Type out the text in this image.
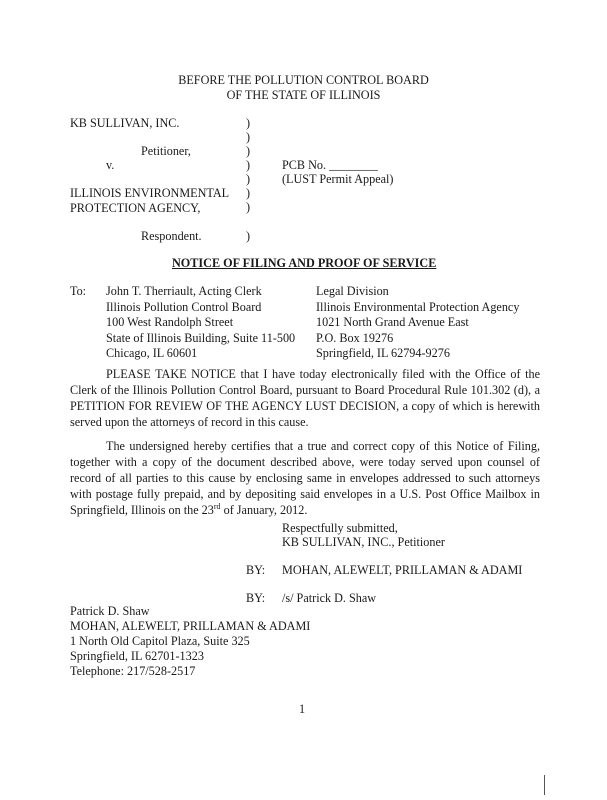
BEFORE THE POLLUTION CONTROL BOARD
OF THE STATE OF ILLINOIS
KB SULLIVAN, INC.
Petitioner,
v.
ILLINOIS ENVIRONMENTAL
PROTECTION AGENCY,
Respondent.
)
)
)
)
)
)
)
)
PCB No. ________
(LUST Permit Appeal)
NOTICE OF FILING AND PROOF OF SERVICE
To: John T. Therriault, Acting Clerk
Illinois Pollution Control Board
100 West Randolph Street
State of Illinois Building, Suite 11-500
Chicago, IL 60601
Legal Division
Illinois Environmental Protection Agency
1021 North Grand Avenue East
P.O. Box 19276
Springfield, IL 62794-9276
PLEASE TAKE NOTICE that I have today electronically filed with the Office of the Clerk of the Illinois Pollution Control Board, pursuant to Board Procedural Rule 101.302 (d), a PETITION FOR REVIEW OF THE AGENCY LUST DECISION, a copy of which is herewith served upon the attorneys of record in this cause.
The undersigned hereby certifies that a true and correct copy of this Notice of Filing, together with a copy of the document described above, were today served upon counsel of record of all parties to this cause by enclosing same in envelopes addressed to such attorneys with postage fully prepaid, and by depositing said envelopes in a U.S. Post Office Mailbox in Springfield, Illinois on the 23rd of January, 2012.
Respectfully submitted,
KB SULLIVAN, INC., Petitioner
BY: MOHAN, ALEWELT, PRILLAMAN & ADAMI
BY: /s/ Patrick D. Shaw
Patrick D. Shaw
MOHAN, ALEWELT, PRILLAMAN & ADAMI
1 North Old Capitol Plaza, Suite 325
Springfield, IL 62701-1323
Telephone: 217/528-2517
1
